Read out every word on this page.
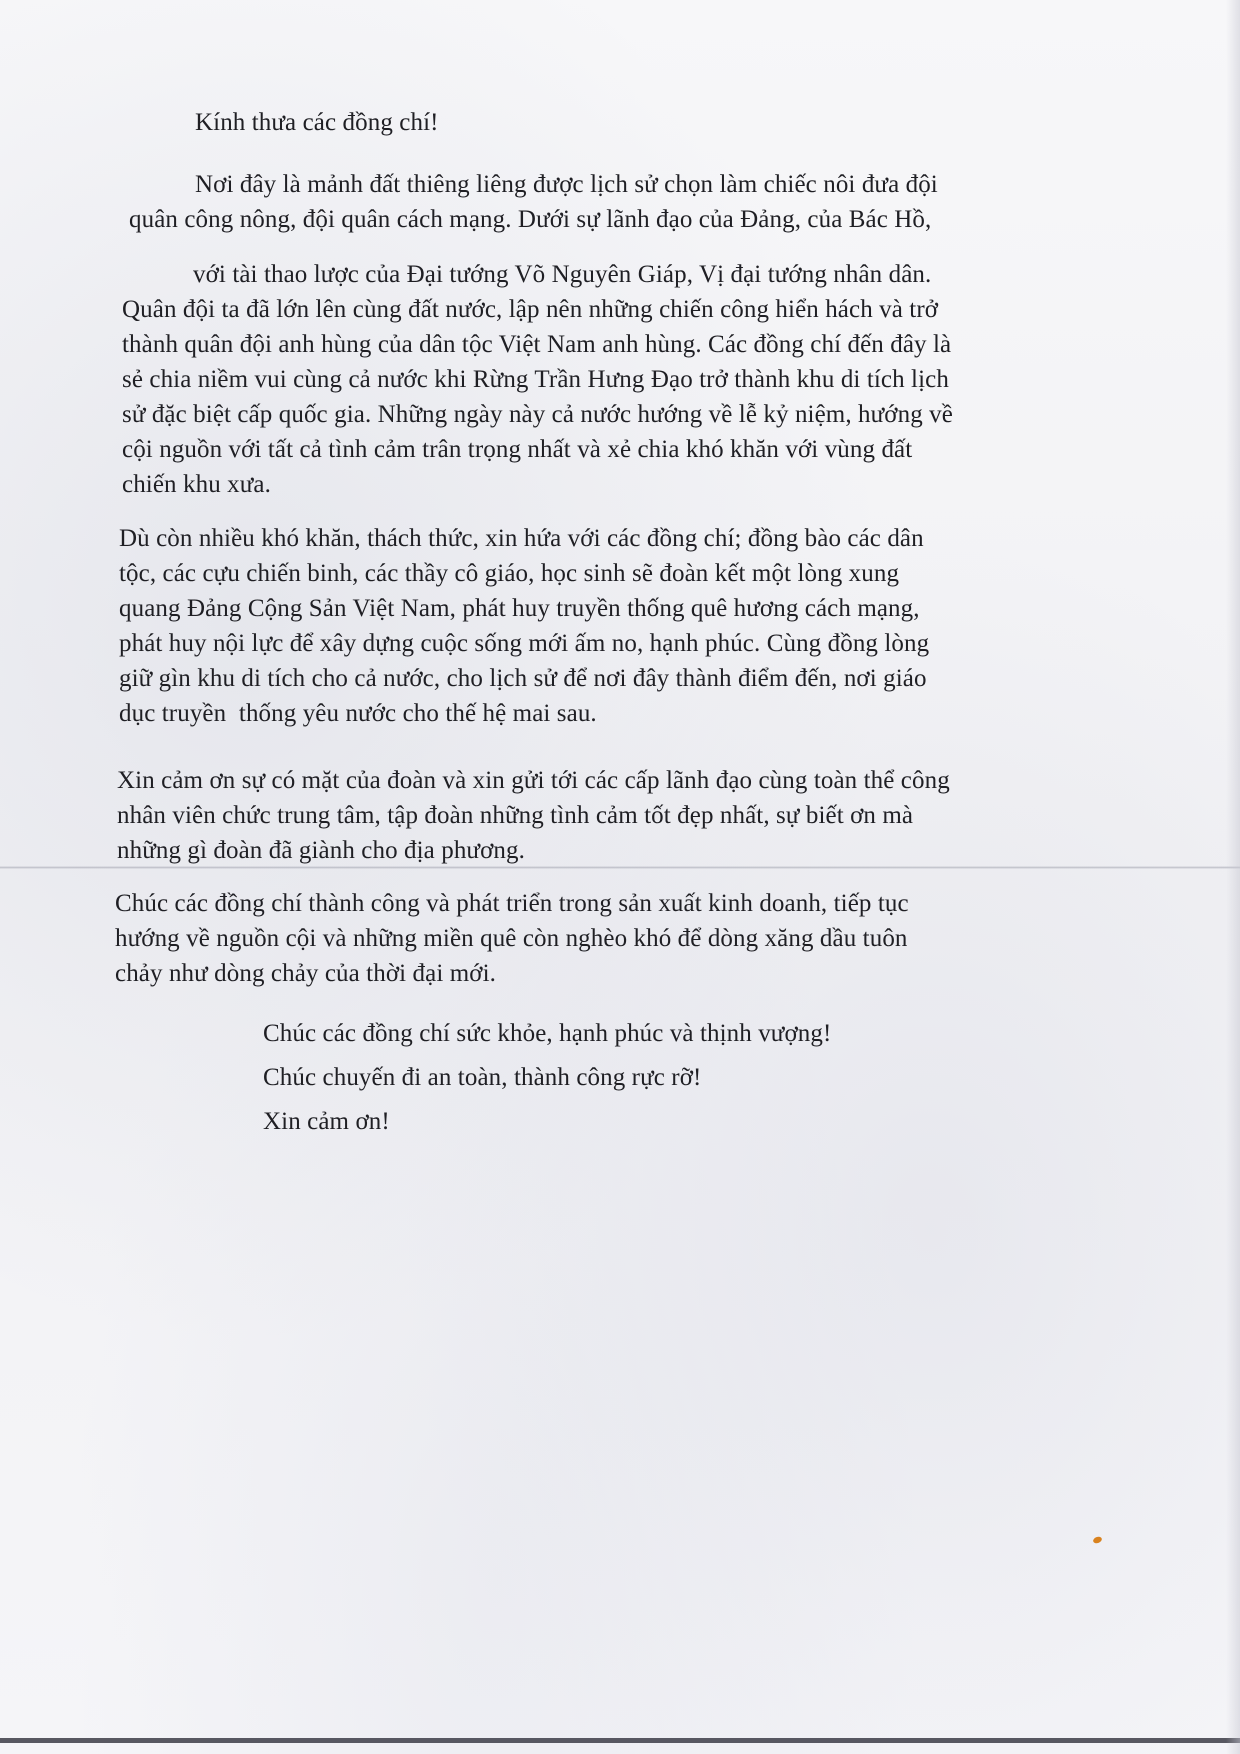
Kính thưa các đồng chí!
Nơi đây là mảnh đất thiêng liêng được lịch sử chọn làm chiếc nôi đưa đội
quân công nông, đội quân cách mạng. Dưới sự lãnh đạo của Đảng, của Bác Hồ,
với tài thao lược của Đại tướng Võ Nguyên Giáp, Vị đại tướng nhân dân.
Quân đội ta đã lớn lên cùng đất nước, lập nên những chiến công hiển hách và trở
thành quân đội anh hùng của dân tộc Việt Nam anh hùng. Các đồng chí đến đây là
sẻ chia niềm vui cùng cả nước khi Rừng Trần Hưng Đạo trở thành khu di tích lịch
sử đặc biệt cấp quốc gia. Những ngày này cả nước hướng về lễ kỷ niệm, hướng về
cội nguồn với tất cả tình cảm trân trọng nhất và xẻ chia khó khăn với vùng đất
chiến khu xưa.
Dù còn nhiều khó khăn, thách thức, xin hứa với các đồng chí; đồng bào các dân
tộc, các cựu chiến binh, các thầy cô giáo, học sinh sẽ đoàn kết một lòng xung
quang Đảng Cộng Sản Việt Nam, phát huy truyền thống quê hương cách mạng,
phát huy nội lực để xây dựng cuộc sống mới ấm no, hạnh phúc. Cùng đồng lòng
giữ gìn khu di tích cho cả nước, cho lịch sử để nơi đây thành điểm đến, nơi giáo
dục truyền  thống yêu nước cho thế hệ mai sau.
Xin cảm ơn sự có mặt của đoàn và xin gửi tới các cấp lãnh đạo cùng toàn thể công
nhân viên chức trung tâm, tập đoàn những tình cảm tốt đẹp nhất, sự biết ơn mà
những gì đoàn đã giành cho địa phương.
Chúc các đồng chí thành công và phát triển trong sản xuất kinh doanh, tiếp tục
hướng về nguồn cội và những miền quê còn nghèo khó để dòng xăng dầu tuôn
chảy như dòng chảy của thời đại mới.
Chúc các đồng chí sức khỏe, hạnh phúc và thịnh vượng!
Chúc chuyến đi an toàn, thành công rực rỡ!
Xin cảm ơn!
